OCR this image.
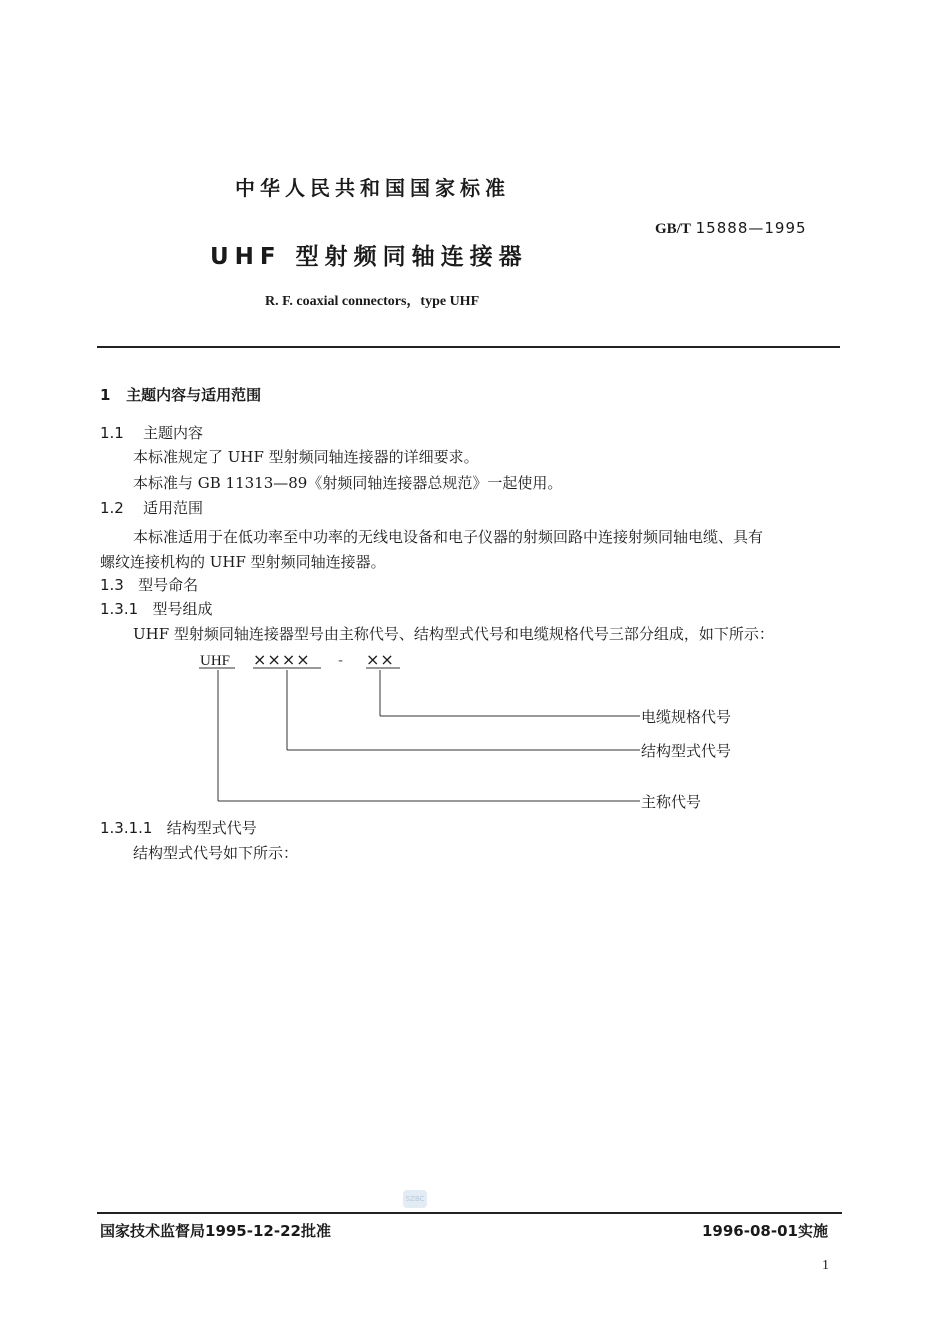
中华人民共和国国家标准
GB/T 15888—1995
UHF 型射频同轴连接器
R. F. coaxial connectors，type UHF
1 主题内容与适用范围
1.1 主题内容
本标准规定了 UHF 型射频同轴连接器的详细要求。
本标准与 GB 11313—89《射频同轴连接器总规范》一起使用。
1.2 适用范围
本标准适用于在低功率至中功率的无线电设备和电子仪器的射频回路中连接射频同轴电缆、具有
螺纹连接机构的 UHF 型射频同轴连接器。
1.3 型号命名
1.3.1 型号组成
UHF 型射频同轴连接器型号由主称代号、结构型式代号和电缆规格代号三部分组成，如下所示：
UHF ×××× - ××
电缆规格代号
结构型式代号
主称代号
1.3.1.1 结构型式代号
结构型式代号如下所示：
SZBC
国家技术监督局1995-12-22批准	1996-08-01实施
1
